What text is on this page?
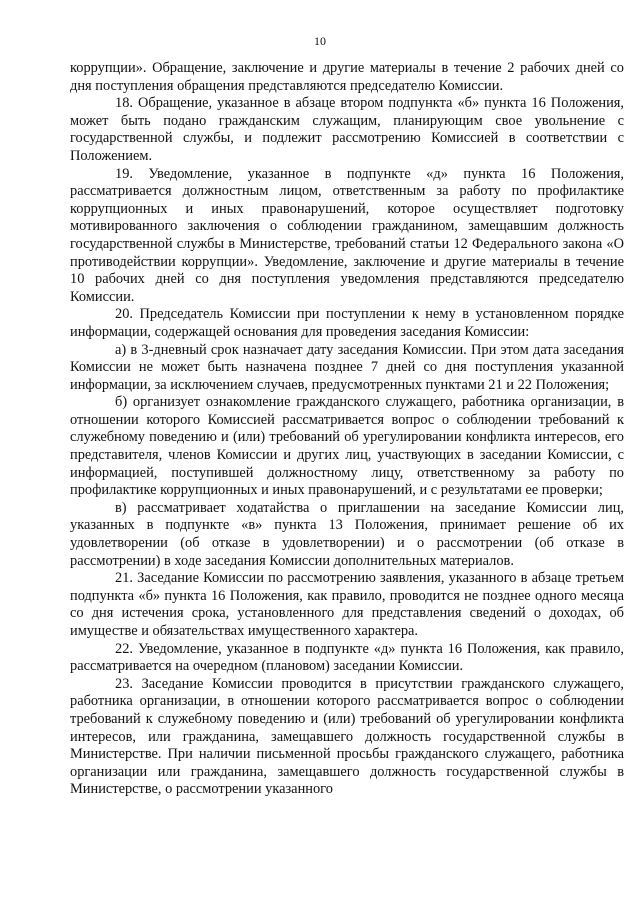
10

коррупции». Обращение, заключение и другие материалы в течение 2 рабочих дней со дня поступления обращения представляются председателю Комиссии.

18. Обращение, указанное в абзаце втором подпункта «б» пункта 16 Положения, может быть подано гражданским служащим, планирующим свое увольнение с государственной службы, и подлежит рассмотрению Комиссией в соответствии с Положением.

19. Уведомление, указанное в подпункте «д» пункта 16 Положения, рассматривается должностным лицом, ответственным за работу по профилактике коррупционных и иных правонарушений, которое осуществляет подготовку мотивированного заключения о соблюдении гражданином, замещавшим должность государственной службы в Министерстве, требований статьи 12 Федерального закона «О противодействии коррупции». Уведомление, заключение и другие материалы в течение 10 рабочих дней со дня поступления уведомления представляются председателю Комиссии.

20. Председатель Комиссии при поступлении к нему в установленном порядке информации, содержащей основания для проведения заседания Комиссии:

а) в 3-дневный срок назначает дату заседания Комиссии. При этом дата заседания Комиссии не может быть назначена позднее 7 дней со дня поступления указанной информации, за исключением случаев, предусмотренных пунктами 21 и 22 Положения;

б) организует ознакомление гражданского служащего, работника организации, в отношении которого Комиссией рассматривается вопрос о соблюдении требований к служебному поведению и (или) требований об урегулировании конфликта интересов, его представителя, членов Комиссии и других лиц, участвующих в заседании Комиссии, с информацией, поступившей должностному лицу, ответственному за работу по профилактике коррупционных и иных правонарушений, и с результатами ее проверки;

в) рассматривает ходатайства о приглашении на заседание Комиссии лиц, указанных в подпункте «в» пункта 13 Положения, принимает решение об их удовлетворении (об отказе в удовлетворении) и о рассмотрении (об отказе в рассмотрении) в ходе заседания Комиссии дополнительных материалов.

21. Заседание Комиссии по рассмотрению заявления, указанного в абзаце третьем подпункта «б» пункта 16 Положения, как правило, проводится не позднее одного месяца со дня истечения срока, установленного для представления сведений о доходах, об имуществе и обязательствах имущественного характера.

22. Уведомление, указанное в подпункте «д» пункта 16 Положения, как правило, рассматривается на очередном (плановом) заседании Комиссии.

23. Заседание Комиссии проводится в присутствии гражданского служащего, работника организации, в отношении которого рассматривается вопрос о соблюдении требований к служебному поведению и (или) требований об урегулировании конфликта интересов, или гражданина, замещавшего должность государственной службы в Министерстве. При наличии письменной просьбы гражданского служащего, работника организации или гражданина, замещавшего должность государственной службы в Министерстве, о рассмотрении указанного
